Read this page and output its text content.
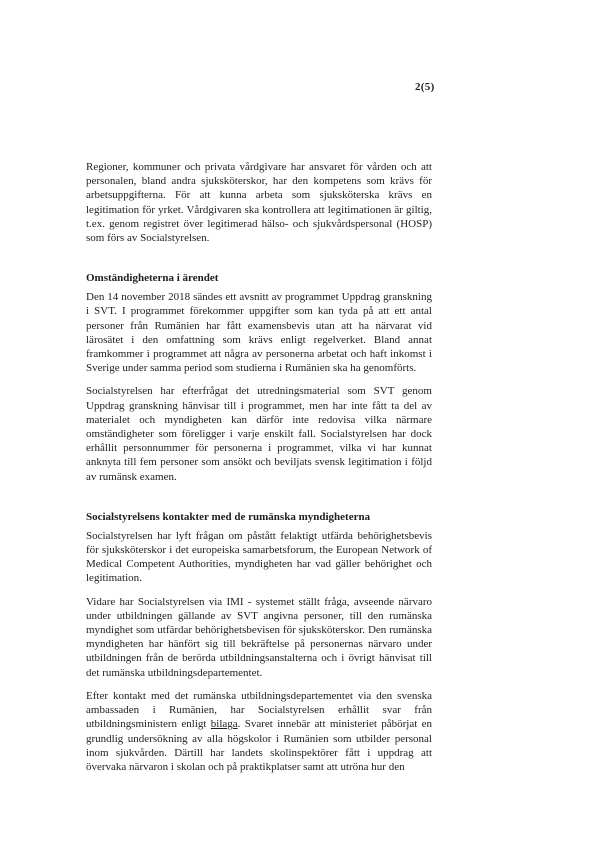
2(5)

Regioner, kommuner och privata vårdgivare har ansvaret för vården och att personalen, bland andra sjuksköterskor, har den kompetens som krävs för arbetsuppgifterna. För att kunna arbeta som sjuksköterska krävs en legitimation för yrket. Vårdgivaren ska kontrollera att legitimationen är giltig, t.ex. genom registret över legitimerad hälso- och sjukvårdspersonal (HOSP) som förs av Socialstyrelsen.

Omständigheterna i ärendet

Den 14 november 2018 sändes ett avsnitt av programmet Uppdrag granskning i SVT. I programmet förekommer uppgifter som kan tyda på att ett antal personer från Rumänien har fått examensbevis utan att ha närvarat vid lärosätet i den omfattning som krävs enligt regelverket. Bland annat framkommer i programmet att några av personerna arbetat och haft inkomst i Sverige under samma period som studierna i Rumänien ska ha genomförts.

Socialstyrelsen har efterfrågat det utredningsmaterial som SVT genom Uppdrag granskning hänvisar till i programmet, men har inte fått ta del av materialet och myndigheten kan därför inte redovisa vilka närmare omständigheter som föreligger i varje enskilt fall. Socialstyrelsen har dock erhållit personnummer för personerna i programmet, vilka vi har kunnat anknyta till fem personer som ansökt och beviljats svensk legitimation i följd av rumänsk examen.

Socialstyrelsens kontakter med de rumänska myndigheterna

Socialstyrelsen har lyft frågan om påstått felaktigt utfärda behörighetsbevis för sjuksköterskor i det europeiska samarbetsforum, the European Network of Medical Competent Authorities, myndigheten har vad gäller behörighet och legitimation.

Vidare har Socialstyrelsen via IMI - systemet ställt fråga, avseende närvaro under utbildningen gällande av SVT angivna personer, till den rumänska myndighet som utfärdar behörighetsbevisen för sjuksköterskor. Den rumänska myndigheten har hänfört sig till bekräftelse på personernas närvaro under utbildningen från de berörda utbildningsanstalterna och i övrigt hänvisat till det rumänska utbildningsdepartementet.

Efter kontakt med det rumänska utbildningsdepartementet via den svenska ambassaden i Rumänien, har Socialstyrelsen erhållit svar från utbildningsministern enligt bilaga. Svaret innebär att ministeriet påbörjat en grundlig undersökning av alla högskolor i Rumänien som utbilder personal inom sjukvården. Därtill har landets skolinspektörer fått i uppdrag att övervaka närvaron i skolan och på praktikplatser samt att utröna hur den
